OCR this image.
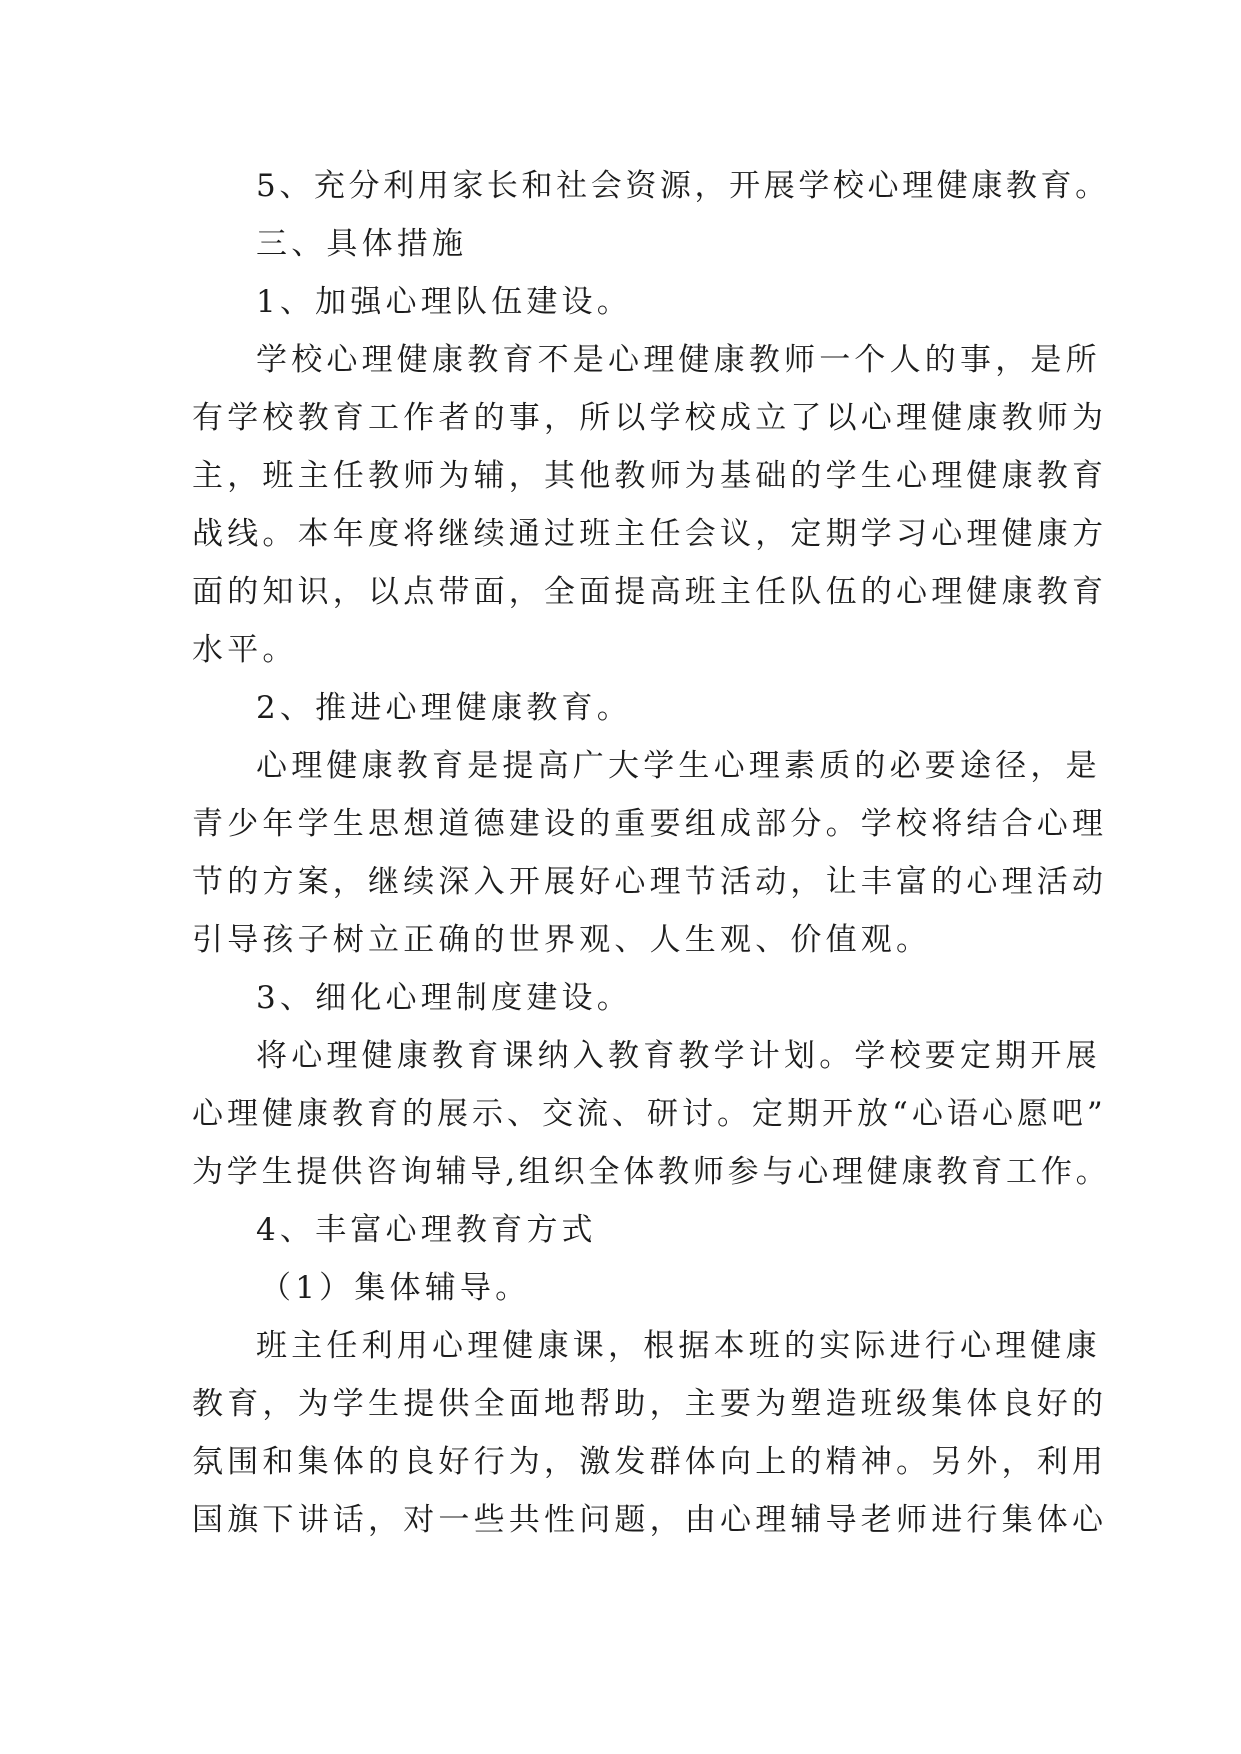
5、充分利用家长和社会资源，开展学校心理健康教育。
三、具体措施
1、加强心理队伍建设。
学校心理健康教育不是心理健康教师一个人的事，是所
有学校教育工作者的事，所以学校成立了以心理健康教师为
主，班主任教师为辅，其他教师为基础的学生心理健康教育
战线。本年度将继续通过班主任会议，定期学习心理健康方
面的知识，以点带面，全面提高班主任队伍的心理健康教育
水平。
2、推进心理健康教育。
心理健康教育是提高广大学生心理素质的必要途径，是
青少年学生思想道德建设的重要组成部分。学校将结合心理
节的方案，继续深入开展好心理节活动，让丰富的心理活动
引导孩子树立正确的世界观、人生观、价值观。
3、细化心理制度建设。
将心理健康教育课纳入教育教学计划。学校要定期开展
心理健康教育的展示、交流、研讨。定期开放“心语心愿吧”
为学生提供咨询辅导,组织全体教师参与心理健康教育工作。
4、丰富心理教育方式
（1）集体辅导。
班主任利用心理健康课，根据本班的实际进行心理健康
教育，为学生提供全面地帮助，主要为塑造班级集体良好的
氛围和集体的良好行为，激发群体向上的精神。另外，利用
国旗下讲话，对一些共性问题，由心理辅导老师进行集体心
